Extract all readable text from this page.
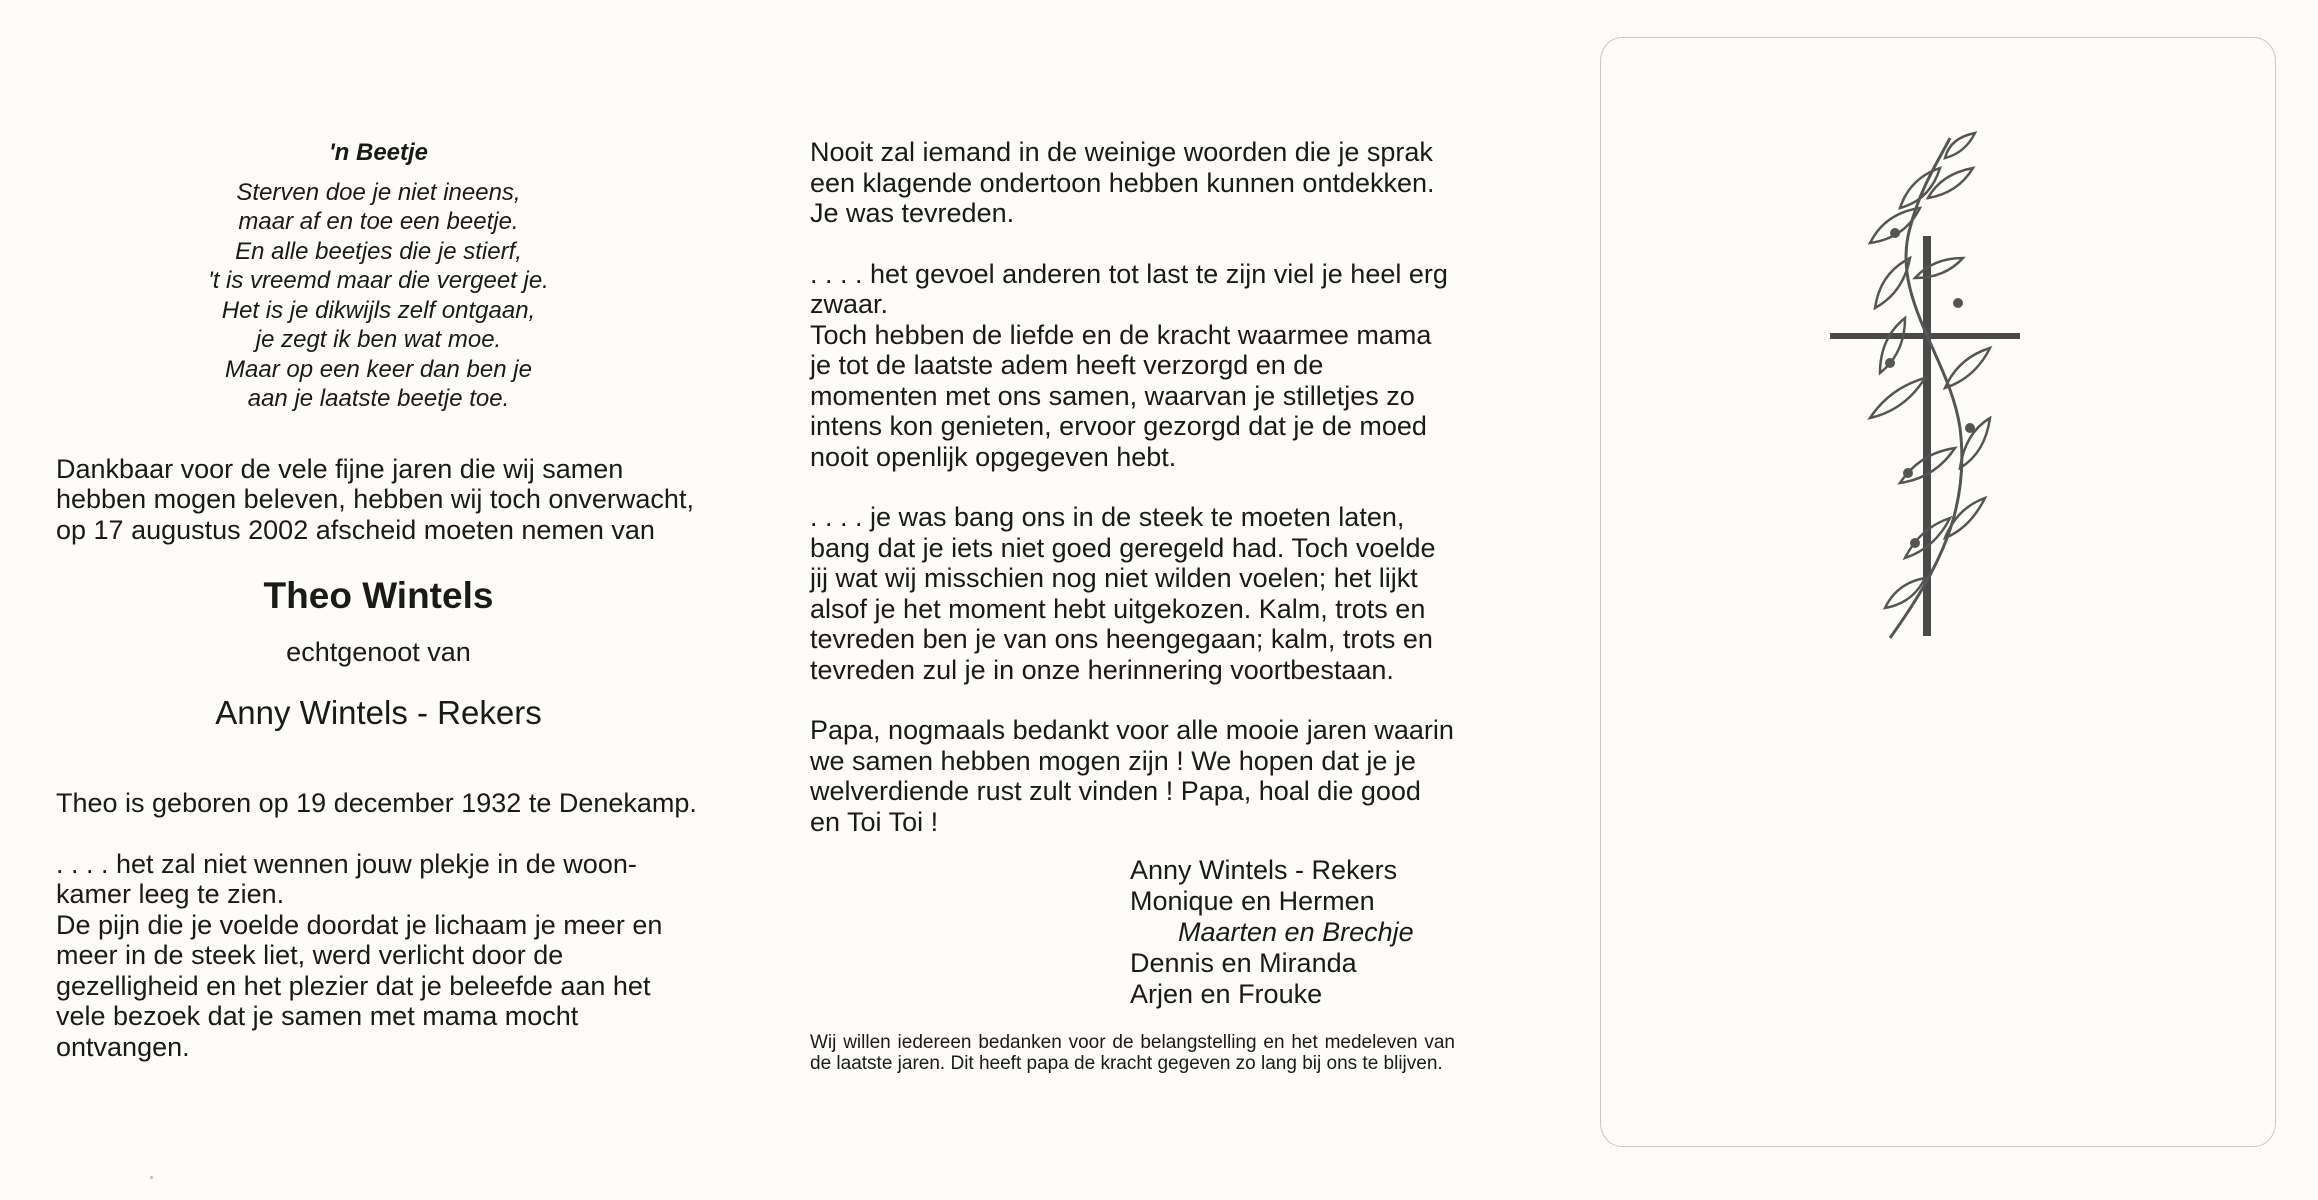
'n Beetje
Sterven doe je niet ineens,
maar af en toe een beetje.
En alle beetjes die je stierf,
't is vreemd maar die vergeet je.
Het is je dikwijls zelf ontgaan,
je zegt ik ben wat moe.
Maar op een keer dan ben je
aan je laatste beetje toe.
Dankbaar voor de vele fijne jaren die wij samen hebben mogen beleven, hebben wij toch onverwacht, op 17 augustus 2002 afscheid moeten nemen van
Theo Wintels
echtgenoot van
Anny Wintels - Rekers
Theo is geboren op 19 december 1932 te Denekamp.
. . . . het zal niet wennen jouw plekje in de woonkamer leeg te zien.
De pijn die je voelde doordat je lichaam je meer en meer in de steek liet, werd verlicht door de gezelligheid en het plezier dat je beleefde aan het vele bezoek dat je samen met mama mocht ontvangen.
Nooit zal iemand in de weinige woorden die je sprak een klagende ondertoon hebben kunnen ontdekken. Je was tevreden.
. . . . het gevoel anderen tot last te zijn viel je heel erg zwaar.
Toch hebben de liefde en de kracht waarmee mama je tot de laatste adem heeft verzorgd en de momenten met ons samen, waarvan je stilletjes zo intens kon genieten, ervoor gezorgd dat je de moed nooit openlijk opgegeven hebt.
. . . . je was bang ons in de steek te moeten laten, bang dat je iets niet goed geregeld had. Toch voelde jij wat wij misschien nog niet wilden voelen; het lijkt alsof je het moment hebt uitgekozen. Kalm, trots en tevreden ben je van ons heengegaan; kalm, trots en tevreden zul je in onze herinnering voortbestaan.
Papa, nogmaals bedankt voor alle mooie jaren waarin we samen hebben mogen zijn ! We hopen dat je je welverdiende rust zult vinden ! Papa, hoal die good en Toi Toi !
Anny Wintels - Rekers
Monique en Hermen
Maarten en Brechje
Dennis en Miranda
Arjen en Frouke
Wij willen iedereen bedanken voor de belangstelling en het medeleven van de laatste jaren. Dit heeft papa de kracht gegeven zo lang bij ons te blijven.
